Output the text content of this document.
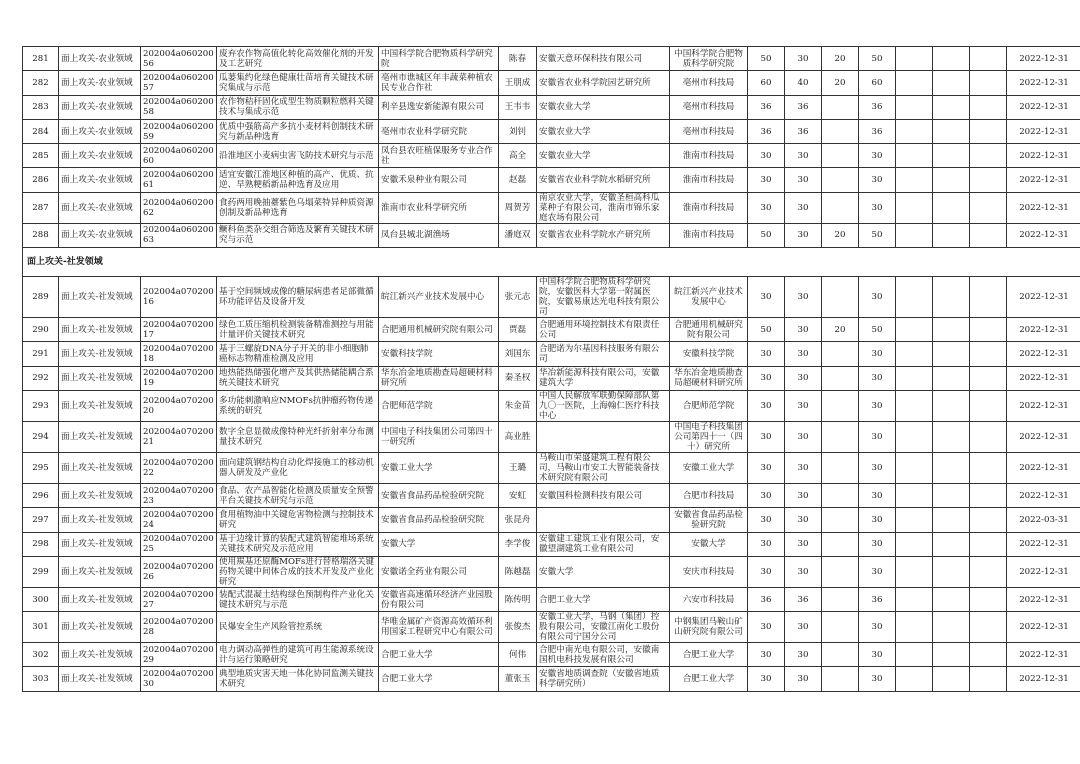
281	面上攻关-农业领域	202004a06020056	废弃农作物高值化转化高效催化剂的开发及工艺研究	中国科学院合肥物质科学研究院	陈春	安徽天意环保科技有限公司	中国科学院合肥物质科学研究院	50	30	20	50				2022-12-31
282	面上攻关-农业领域	202004a06020057	瓜蒌集约化绿色健康壮苗培育关键技术研究集成与示范	亳州市谯城区年丰蔬菜种植农民专业合作社	王朋成	安徽省农业科学院园艺研究所	亳州市科技局	60	40	20	60				2022-12-31
283	面上攻关-农业领域	202004a06020058	农作物秸秆固化成型生物质颗粒燃料关键技术与集成示范	利辛县逸安新能源有限公司	王韦韦	安徽农业大学	亳州市科技局	36	36		36				2022-12-31
284	面上攻关-农业领域	202004a06020059	优质中强筋高产多抗小麦材料创制技术研究与新品种选育	亳州市农业科学研究院	刘钊	安徽农业大学	亳州市科技局	36	36		36				2022-12-31
285	面上攻关-农业领域	202004a06020060	沿淮地区小麦病虫害飞防技术研究与示范	凤台县农旺植保服务专业合作社	高全	安徽农业大学	淮南市科技局	30	30		30				2022-12-31
286	面上攻关-农业领域	202004a06020061	适宜安徽江淮地区种植的高产、优质、抗逆、早熟粳稻新品种选育及应用	安徽禾泉种业有限公司	赵磊	安徽省农业科学院水稻研究所	淮南市科技局	30	30		30				2022-12-31
287	面上攻关-农业领域	202004a06020062	食药两用晚抽薹紫色乌塌菜特异种质资源创制及新品种选育	淮南市农业科学研究所	周贺芳	南京农业大学，安徽圣桓高科瓜菜种子有限公司，淮南市锦乐家庭农场有限公司	淮南市科技局	30	30		30				2022-12-31
288	面上攻关-农业领域	202004a06020063	鳜科鱼类杂交组合筛选及繁育关键技术研究与示范	凤台县城北湖渔场	潘庭双	安徽省农业科学院水产研究所	淮南市科技局	50	30	20	50				2022-12-31
面上攻关-社发领域															
289	面上攻关-社发领域	202004a07020016	基于空间频域成像的糖尿病患者足部微循环功能评估及设备开发	皖江新兴产业技术发展中心	张元志	中国科学院合肥物质科学研究院，安徽医科大学第一附属医院，安徽易康达光电科技有限公司	皖江新兴产业技术发展中心	30	30		30				2022-12-31
290	面上攻关-社发领域	202004a07020017	绿色工质压缩机检测装备精准测控与用能计量评价关键技术研究	合肥通用机械研究院有限公司	贾磊	合肥通用环境控制技术有限责任公司	合肥通用机械研究院有限公司	50	30	20	50				2022-12-31
291	面上攻关-社发领域	202004a07020018	基于三螺旋DNA分子开关的非小细胞肺癌标志物精准检测及应用	安徽科技学院	刘国东	合肥诺为尔基因科技服务有限公司	安徽科技学院	30	30		30				2022-12-31
292	面上攻关-社发领域	202004a07020019	地热能热储强化增产及其供热储能耦合系统关键技术研究	华东冶金地质勘查局超硬材料研究所	秦圣权	华冶新能源科技有限公司，安徽建筑大学	华东冶金地质勘查局超硬材料研究所	30	30		30				2022-12-31
293	面上攻关-社发领域	202004a07020020	多功能刺激响应NMOFs抗肿瘤药物传递系统的研究	合肥师范学院	朱金苗	中国人民解放军联勤保障部队第九〇一医院，上海翰仁医疗科技中心	合肥师范学院	30	30		30				2022-12-31
294	面上攻关-社发领域	202004a07020021	数字全息显微成像特种光纤折射率分布测量技术研究	中国电子科技集团公司第四十一研究所	高业胜		中国电子科技集团公司第四十一（四十）研究所	30	30		30				2022-12-31
295	面上攻关-社发领域	202004a07020022	面向建筑钢结构自动化焊接施工的移动机器人研发及产业化	安徽工业大学	王璐	马鞍山市荣盛建筑工程有限公司，马鞍山市安工大智能装备技术研究院有限公司	安徽工业大学	30	30		30				2022-12-31
296	面上攻关-社发领域	202004a07020023	食品、农产品智能化检测及质量安全预警平台关键技术研究与示范	安徽省食品药品检验研究院	安虹	安徽国科检测科技有限公司	合肥市科技局	30	30		30				2022-12-31
297	面上攻关-社发领域	202004a07020024	食用植物油中关键危害物检测与控制技术研究	安徽省食品药品检验研究院	张昆舟		安徽省食品药品检验研究院	30	30		30				2022-03-31
298	面上攻关-社发领域	202004a07020025	基于边缘计算的装配式建筑智能堆场系统关键技术研究及示范应用	安徽大学	李学俊	安徽建工建筑工业有限公司，安徽望湖建筑工业有限公司	安徽大学	30	30		30				2022-12-31
299	面上攻关-社发领域	202004a07020026	使用羰基还原酶MOFs进行替格瑞洛关键药物关键中间体合成的技术开发及产业化研究	安徽诺全药业有限公司	陈越磊	安徽大学	安庆市科技局	30	30		30				2022-12-31
300	面上攻关-社发领域	202004a07020027	装配式混凝土结构绿色预制构件产业化关键技术研究与示范	安徽省高速循环经济产业园股份有限公司	陈传明	合肥工业大学	六安市科技局	36	36		36				2022-12-31
301	面上攻关-社发领域	202004a07020028	民爆安全生产风险管控系统	华唯金属矿产资源高效循环利用国家工程研究中心有限公司	张俊杰	安徽工业大学，马钢（集团）控股有限公司，安徽江南化工股份有限公司宁国分公司	中钢集团马鞍山矿山研究院有限公司	30	30		30				2022-12-31
302	面上攻关-社发领域	202004a07020029	电力调动高弹性的建筑可再生能源系统设计与运行策略研究	合肥工业大学	何伟	合肥中南光电有限公司，安徽南国机电科技发展有限公司	合肥工业大学	30	30		30				2022-12-31
303	面上攻关-社发领域	202004a07020030	典型地质灾害天地一体化协同监测关键技术研究	合肥工业大学	董张玉	安徽省地质调查院（安徽省地质科学研究所）	合肥工业大学	30	30		30				2022-12-31
